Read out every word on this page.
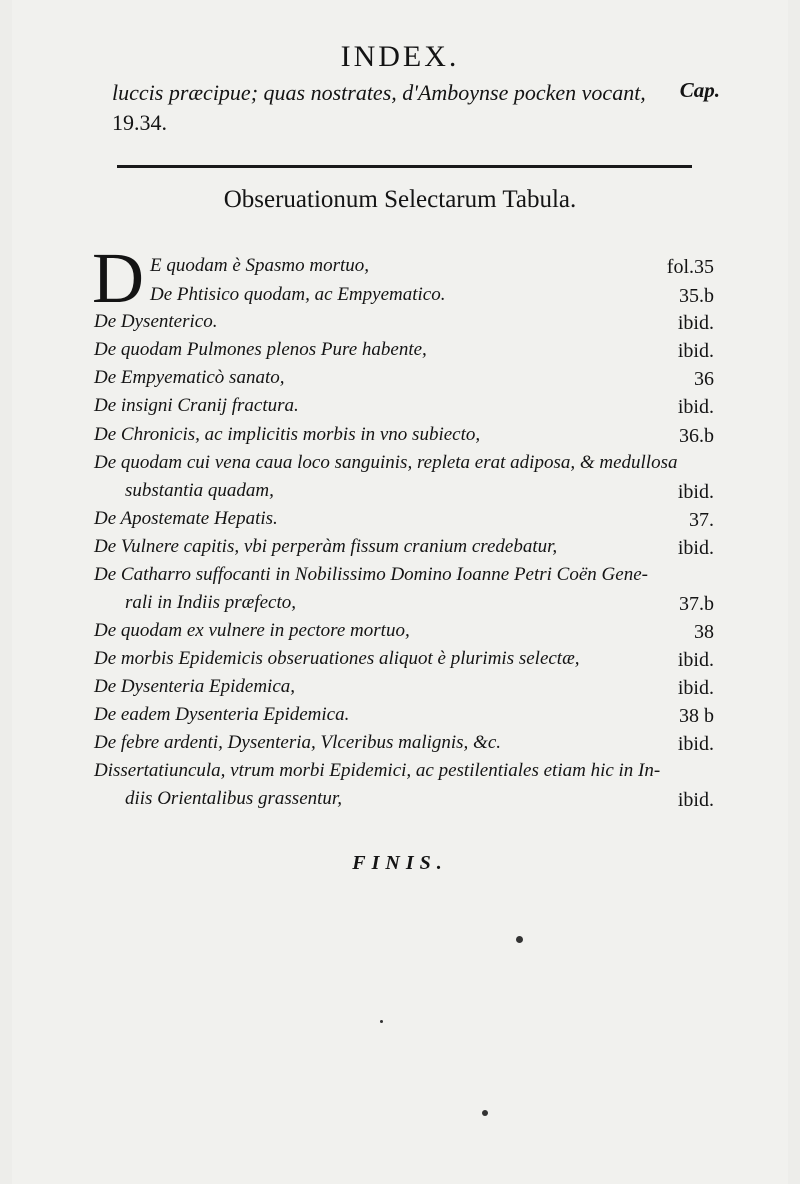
INDEX.
luccis præcipue; quas nostrates, d'Amboynse pocken vocant,	Cap.
19.34.
Obseruationum Selectarum Tabula.
D E quodam è Spasmo mortuo,	fol.35
De Phtisico quodam, ac Empyematico.	35.b
De Dysenterico.	ibid.
De quodam Pulmones plenos Pure habente,	ibid.
De Empyematicò sanato,	36
De insigni Cranij fractura.	ibid.
De Chronicis, ac implicitis morbis in vno subiecto,	36.b
De quodam cui vena caua loco sanguinis, repleta erat adiposa, & medullosa
substantia quadam,	ibid.
De Apostemate Hepatis.	37.
De Vulnere capitis, vbi perperàm fissum cranium credebatur,	ibid.
De Catharro suffocanti in Nobilissimo Domino Ioanne Petri Coën Gene-
rali in Indiis præfecto,	37.b
De quodam ex vulnere in pectore mortuo,	38
De morbis Epidemicis obseruationes aliquot è plurimis selectæ,	ibid.
De Dysenteria Epidemica,	ibid.
De eadem Dysenteria Epidemica.	38 b
De febre ardenti, Dysenteria, Vlceribus malignis, &c.	ibid.
Dissertatiuncula, vtrum morbi Epidemici, ac pestilentiales etiam hic in In-
diis Orientalibus grassentur,	ibid.
FINIS.
